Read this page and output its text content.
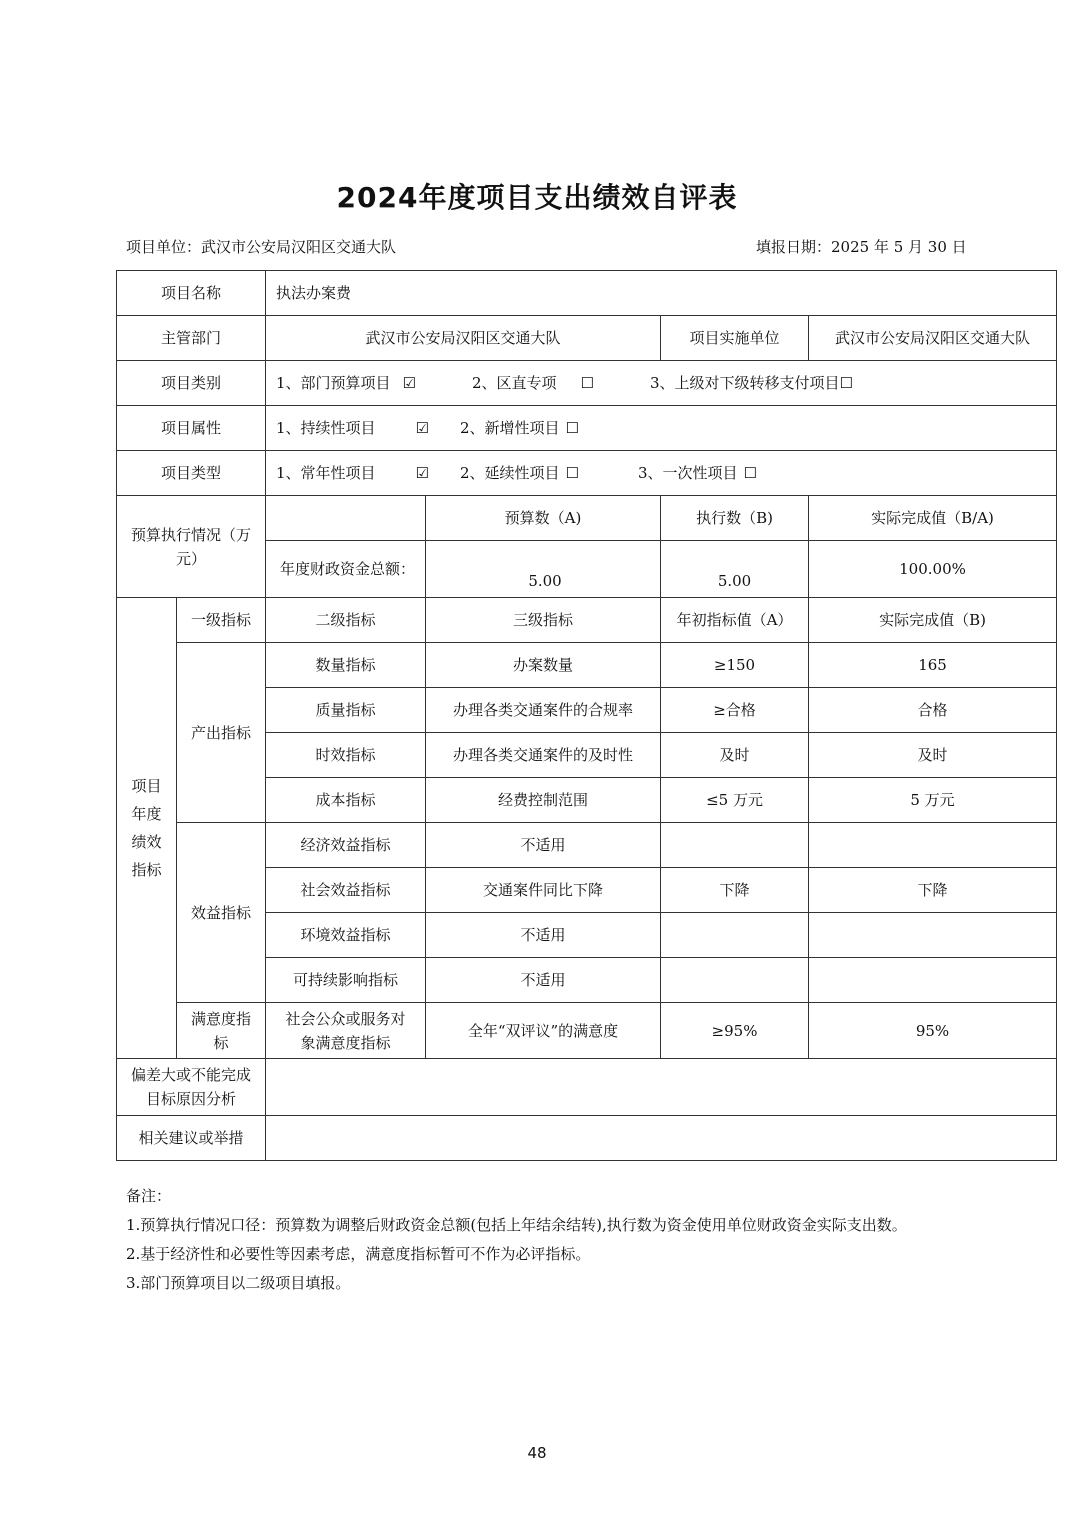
2024年度项目支出绩效自评表
项目单位：武汉市公安局汉阳区交通大队	填报日期：2025 年 5 月 30 日
项目名称		执法办案费			
主管部门		武汉市公安局汉阳区交通大队		项目实施单位	武汉市公安局汉阳区交通大队
项目类别		1、部门预算项目 ☑ 2、区直专项 ☐ 3、上级对下级转移支付项目☐			
项目属性		1、持续性项目 ☑ 2、新增性项目 ☐			
项目类型		1、常年性项目 ☑ 2、延续性项目 ☐ 3、一次性项目 ☐			
预算执行情况（万元）			预算数（A)	执行数（B)	实际完成值（B/A)
		年度财政资金总额：	5.00	5.00	100.00%

项目年度绩效指标	一级指标	二级指标	三级指标	年初指标值（A）	实际完成值（B)
	产出指标	数量指标	办案数量	≥150	165
		质量指标	办理各类交通案件的合规率	≥合格	合格
		时效指标	办理各类交通案件的及时性	及时	及时
		成本指标	经费控制范围	≤5 万元	5 万元
	效益指标	经济效益指标	不适用		
		社会效益指标	交通案件同比下降	下降	下降
		环境效益指标	不适用		
		可持续影响指标	不适用		

	满意度指标	社会公众或服务对象满意度指标	全年“双评议”的满意度	≥95%	95%

偏差大或不能完成目标原因分析					

相关建议或举措					
备注：
1.预算执行情况口径：预算数为调整后财政资金总额(包括上年结余结转),执行数为资金使用单位财政资金实际支出数。
2.基于经济性和必要性等因素考虑，满意度指标暂可不作为必评指标。
3.部门预算项目以二级项目填报。
48
